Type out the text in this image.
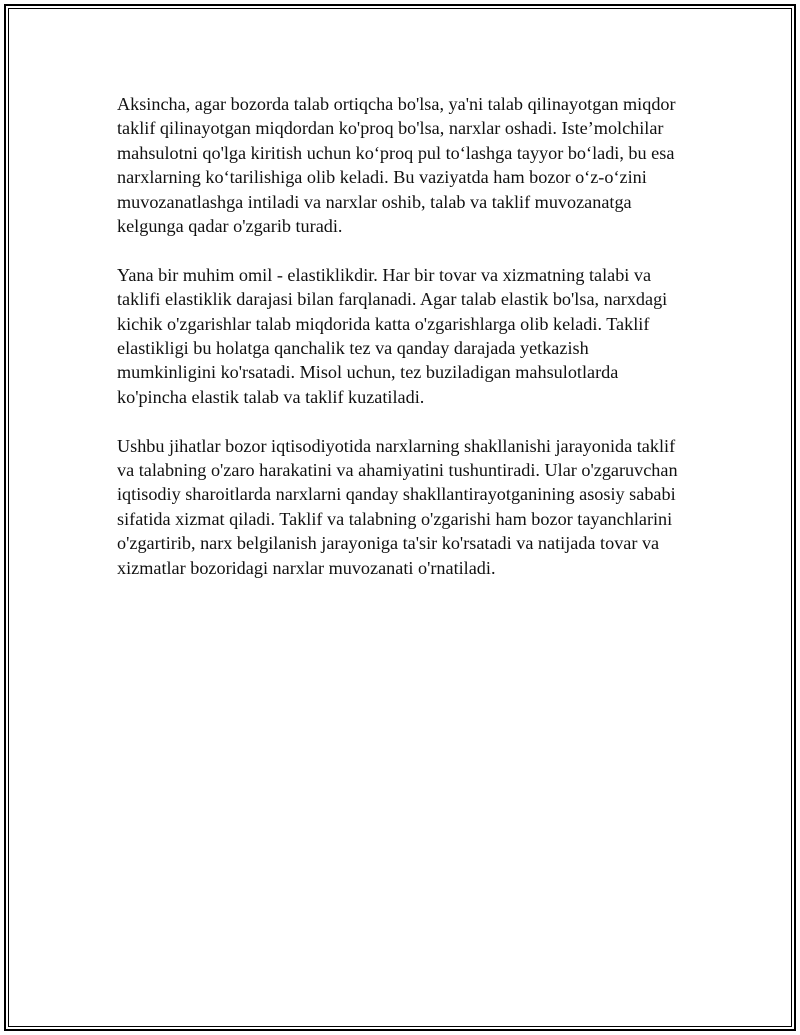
Aksincha, agar bozorda talab ortiqcha bo'lsa, ya'ni talab qilinayotgan miqdor
taklif qilinayotgan miqdordan ko'proq bo'lsa, narxlar oshadi. Iste’molchilar
mahsulotni qo'lga kiritish uchun ko‘proq pul to‘lashga tayyor bo‘ladi, bu esa
narxlarning ko‘tarilishiga olib keladi. Bu vaziyatda ham bozor o‘z-o‘zini
muvozanatlashga intiladi va narxlar oshib, talab va taklif muvozanatga
kelgunga qadar o'zgarib turadi.

Yana bir muhim omil - elastiklikdir. Har bir tovar va xizmatning talabi va
taklifi elastiklik darajasi bilan farqlanadi. Agar talab elastik bo'lsa, narxdagi
kichik o'zgarishlar talab miqdorida katta o'zgarishlarga olib keladi. Taklif
elastikligi bu holatga qanchalik tez va qanday darajada yetkazish
mumkinligini ko'rsatadi. Misol uchun, tez buziladigan mahsulotlarda
ko'pincha elastik talab va taklif kuzatiladi.

Ushbu jihatlar bozor iqtisodiyotida narxlarning shakllanishi jarayonida taklif
va talabning o'zaro harakatini va ahamiyatini tushuntiradi. Ular o'zgaruvchan
iqtisodiy sharoitlarda narxlarni qanday shakllantirayotganining asosiy sababi
sifatida xizmat qiladi. Taklif va talabning o'zgarishi ham bozor tayanchlarini
o'zgartirib, narx belgilanish jarayoniga ta'sir ko'rsatadi va natijada tovar va
xizmatlar bozoridagi narxlar muvozanati o'rnatiladi.
